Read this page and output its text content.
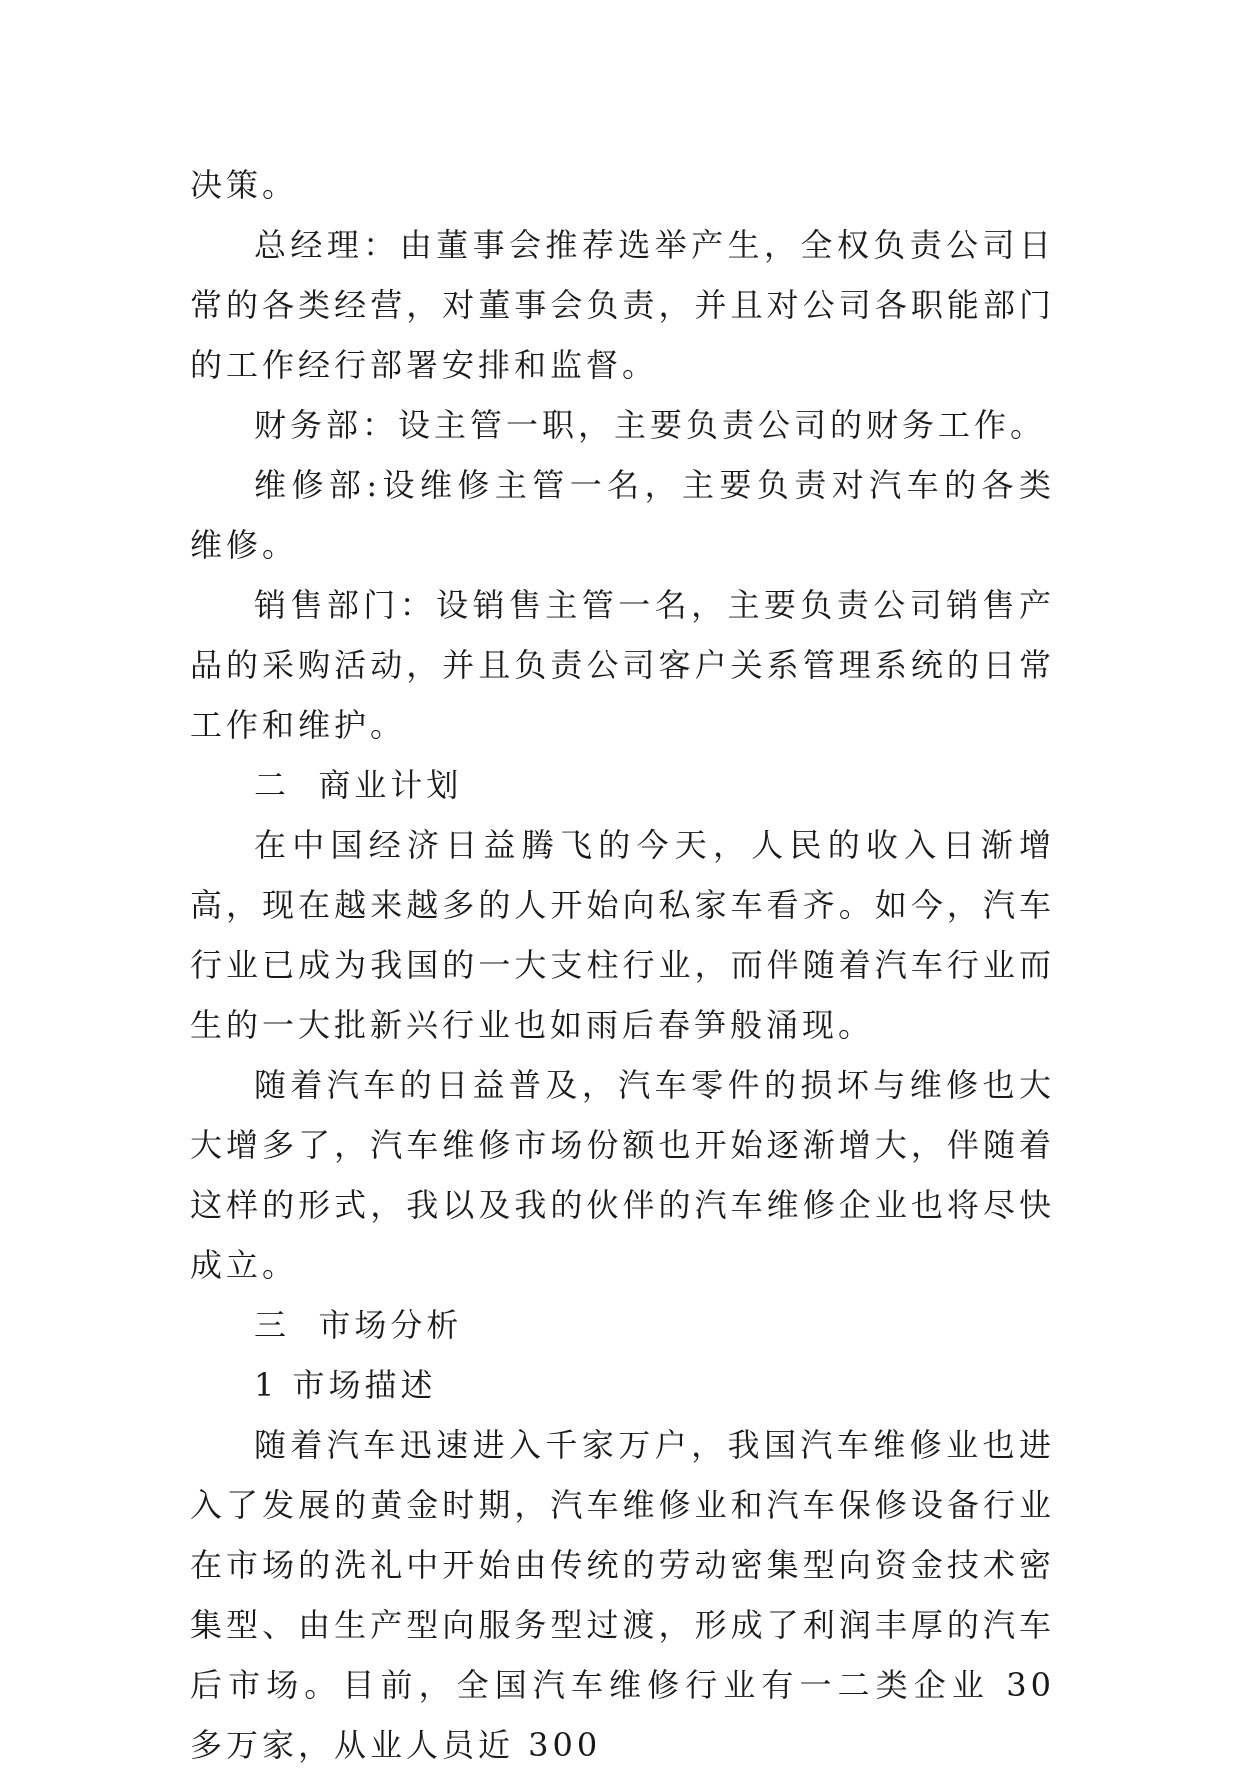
决策。

总经理：由董事会推荐选举产生，全权负责公司日常的各类经营，对董事会负责，并且对公司各职能部门的工作经行部署安排和监督。

财务部：设主管一职，主要负责公司的财务工作。

维修部:设维修主管一名，主要负责对汽车的各类维修。

销售部门：设销售主管一名，主要负责公司销售产品的采购活动，并且负责公司客户关系管理系统的日常工作和维护。

二  商业计划

在中国经济日益腾飞的今天，人民的收入日渐增高，现在越来越多的人开始向私家车看齐。如今，汽车行业已成为我国的一大支柱行业，而伴随着汽车行业而生的一大批新兴行业也如雨后春笋般涌现。

随着汽车的日益普及，汽车零件的损坏与维修也大大增多了，汽车维修市场份额也开始逐渐增大，伴随着这样的形式，我以及我的伙伴的汽车维修企业也将尽快成立。

三  市场分析

1 市场描述

随着汽车迅速进入千家万户，我国汽车维修业也进入了发展的黄金时期，汽车维修业和汽车保修设备行业在市场的洗礼中开始由传统的劳动密集型向资金技术密集型、由生产型向服务型过渡，形成了利润丰厚的汽车后市场。目前，全国汽车维修行业有一二类企业 30 多万家，从业人员近 300
